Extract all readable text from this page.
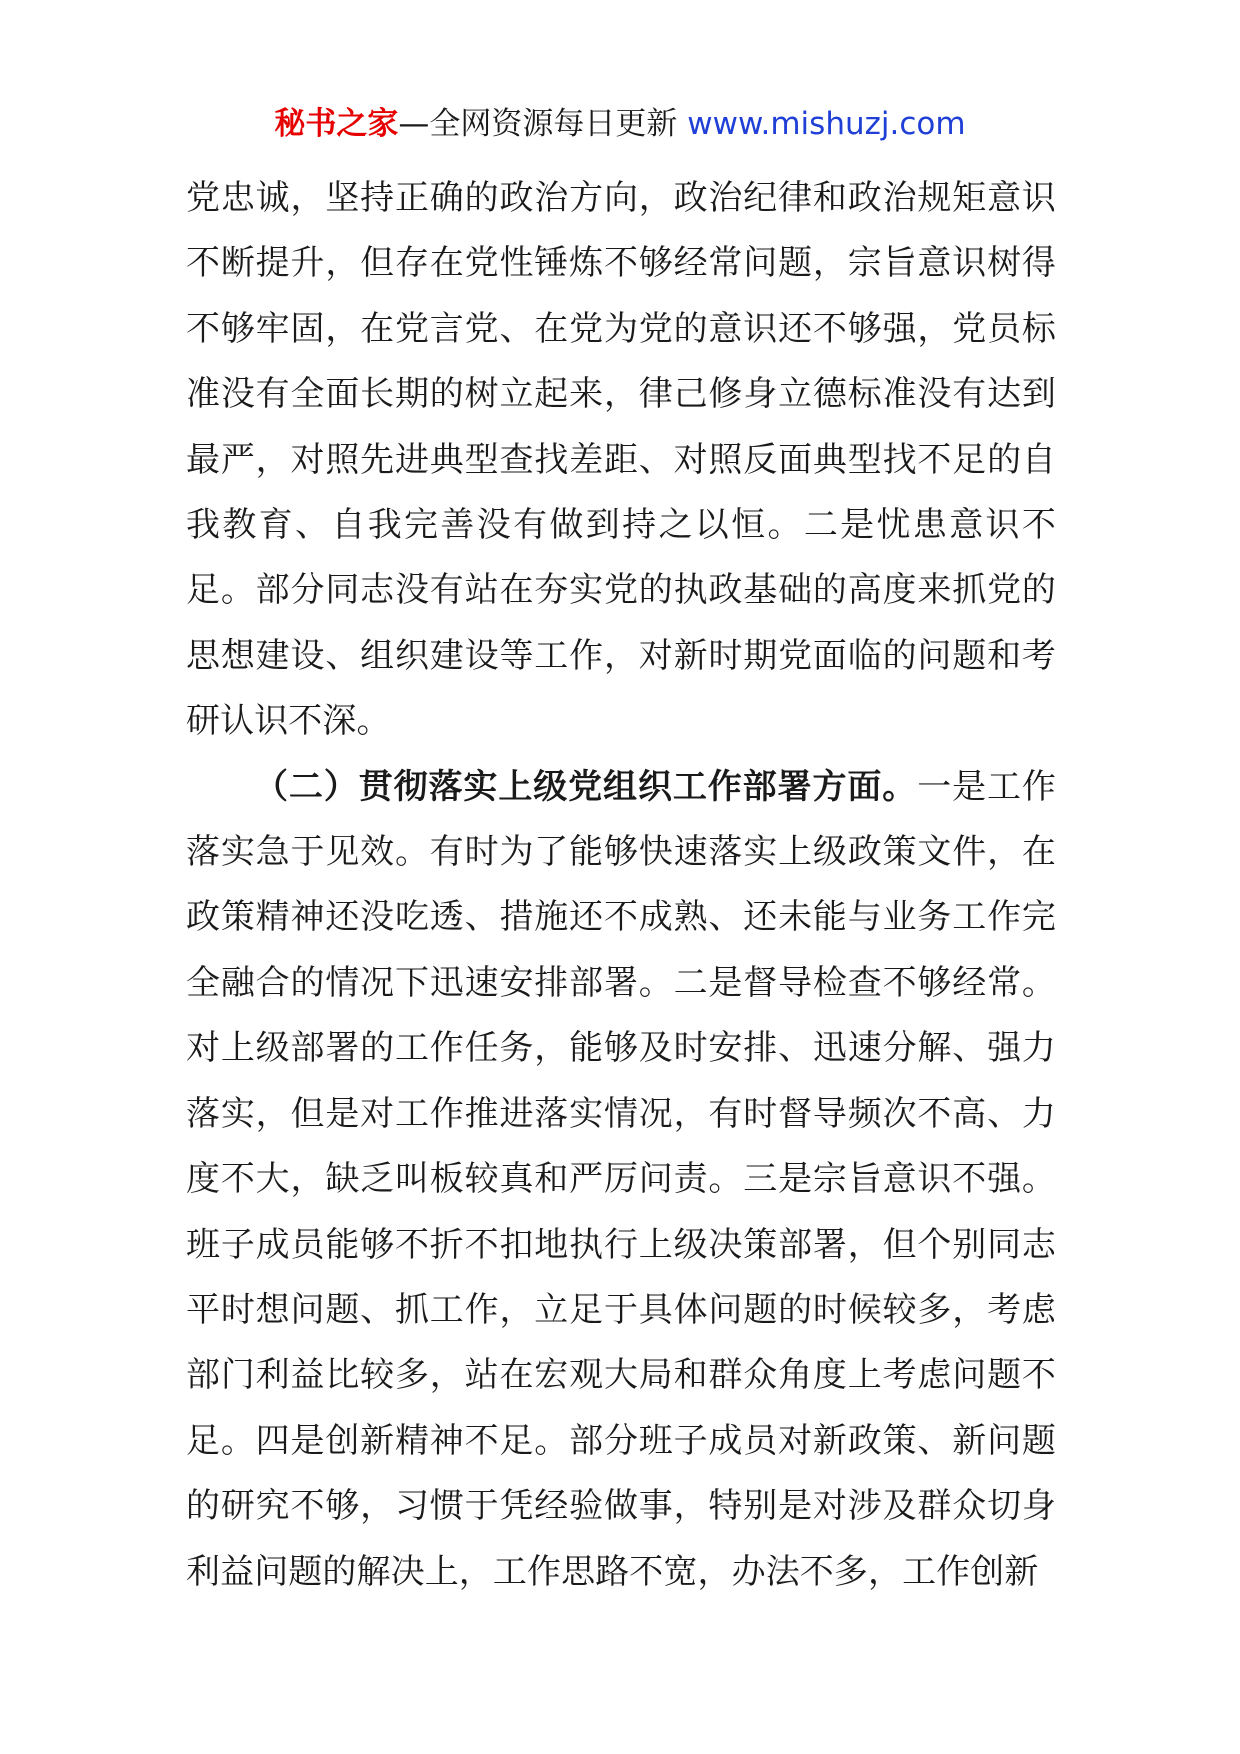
秘书之家—全网资源每日更新 www.mishuzj.com

党忠诚，坚持正确的政治方向，政治纪律和政治规矩意识不断提升，但存在党性锤炼不够经常问题，宗旨意识树得不够牢固，在党言党、在党为党的意识还不够强，党员标准没有全面长期的树立起来，律己修身立德标准没有达到最严，对照先进典型查找差距、对照反面典型找不足的自我教育、自我完善没有做到持之以恒。二是忧患意识不足。部分同志没有站在夯实党的执政基础的高度来抓党的思想建设、组织建设等工作，对新时期党面临的问题和考研认识不深。

（二）贯彻落实上级党组织工作部署方面。一是工作落实急于见效。有时为了能够快速落实上级政策文件，在政策精神还没吃透、措施还不成熟、还未能与业务工作完全融合的情况下迅速安排部署。二是督导检查不够经常。对上级部署的工作任务，能够及时安排、迅速分解、强力落实，但是对工作推进落实情况，有时督导频次不高、力度不大，缺乏叫板较真和严厉问责。三是宗旨意识不强。班子成员能够不折不扣地执行上级决策部署，但个别同志平时想问题、抓工作，立足于具体问题的时候较多，考虑部门利益比较多，站在宏观大局和群众角度上考虑问题不足。四是创新精神不足。部分班子成员对新政策、新问题的研究不够，习惯于凭经验做事，特别是对涉及群众切身利益问题的解决上，工作思路不宽，办法不多，工作创新
